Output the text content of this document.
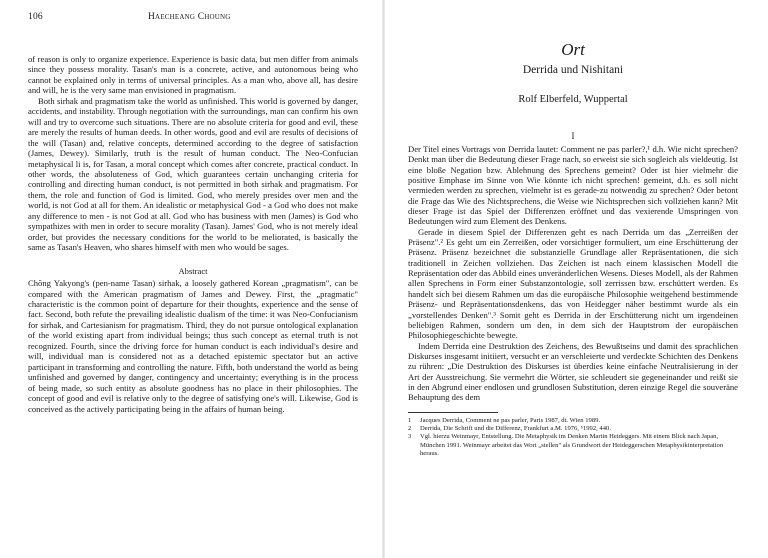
106	Haecheang Choung

of reason is only to organize experience. Experience is basic data, but men differ from animals since they possess morality. Tasan's man is a concrete, active, and autonomous being who cannot be explained only in terms of universal principles. As a man who, above all, has desire and will, he is the very same man envisioned in pragmatism.

Both sirhak and pragmatism take the world as unfinished. This world is governed by danger, accidents, and instability. Through negotiation with the surroundings, man can confirm his own will and try to overcome such situations. There are no absolute criteria for good and evil, these are merely the results of human deeds. In other words, good and evil are results of decisions of the will (Tasan) and, relative concepts, determined according to the degree of satisfaction (James, Dewey). Similarly, truth is the result of human conduct. The Neo-Confucian metaphysical li is, for Tasan, a moral concept which comes after concrete, practical conduct. In other words, the absoluteness of God, which guarantees certain unchanging criteria for controlling and directing human conduct, is not permitted in both sirhak and pragmatism. For them, the role and function of God is limited. God, who merely presides over men and the world, is not God at all for them. An idealistic or metaphysical God - a God who does not make any difference to men - is not God at all. God who has business with men (James) is God who sympathizes with men in order to secure morality (Tasan). James' God, who is not merely ideal order, but provides the necessary conditions for the world to be meliorated, is basically the same as Tasan's Heaven, who shares himself with men who would be sages.

Abstract

Chŏng Yakyong's (pen-name Tasan) sirhak, a loosely gathered Korean „pragmatism", can be compared with the American pragmatism of James and Dewey. First, the „pragmatic" characteristic is the common point of departure for their thoughts, experience and the sense of fact. Second, both refute the prevailing idealistic dualism of the time: it was Neo-Confucianism for sirhak, and Cartesianism for pragmatism. Third, they do not pursue ontological explanation of the world existing apart from individual beings; thus such concept as eternal truth is not recognized. Fourth, since the driving force for human conduct is each individual's desire and will, individual man is considered not as a detached epistemic spectator but an active participant in transforming and controlling the nature. Fifth, both understand the world as being unfinished and governed by danger, contingency and uncertainty; everything is in the process of being made, so such entity as absolute goodness has no place in their philosophies. The concept of good and evil is relative only to the degree of satisfying one's will. Likewise, God is conceived as the actively participating being in the affairs of human being.

Ort
Derrida und Nishitani
Rolf Elberfeld, Wuppertal
I

Der Titel eines Vortrags von Derrida lautet: Comment ne pas parler?,¹ d.h. Wie nicht sprechen? Denkt man über die Bedeutung dieser Frage nach, so erweist sie sich sogleich als vieldeutig. Ist eine bloße Negation bzw. Ablehnung des Sprechens gemeint? Oder ist hier vielmehr die positive Emphase im Sinne von Wie könnte ich nicht sprechen! gemeint, d.h. es soll nicht vermieden werden zu sprechen, vielmehr ist es gerade-zu notwendig zu sprechen? Oder betont die Frage das Wie des Nichtsprechens, die Weise wie Nichtsprechen sich vollziehen kann? Mit dieser Frage ist das Spiel der Differenzen eröffnet und das vexierende Umspringen von Bedeutungen wird zum Element des Denkens.

Gerade in diesem Spiel der Differenzen geht es nach Derrida um das „Zerreißen der Präsenz".² Es geht um ein Zerreißen, oder vorsichtiger formuliert, um eine Erschütterung der Präsenz. Präsenz bezeichnet die substanzielle Grundlage aller Repräsentationen, die sich traditionell in Zeichen vollziehen. Das Zeichen ist nach einem klassischen Modell die Repräsentation oder das Abbild eines unveränderlichen Wesens. Dieses Modell, als der Rahmen allen Sprechens in Form einer Substanzontologie, soll zerrissen bzw. erschüttert werden. Es handelt sich bei diesem Rahmen um das die europäische Philosophie weitgehend bestimmende Präsenz- und Repräsentationsdenkens, das von Heidegger näher bestimmt wurde als ein „vorstellendes Denken".³ Somit geht es Derrida in der Erschütterung nicht um irgendeinen beliebigen Rahmen, sondern um den, in dem sich der Hauptstrom der europäischen Philosophiegeschichte bewegte.

Indem Derrida eine Destruktion des Zeichens, des Bewußtseins und damit des sprachlichen Diskurses insgesamt initiiert, versucht er an verschleierte und verdeckte Schichten des Denkens zu rühren: „Die Destruktion des Diskurses ist überdies keine einfache Neutralisierung in der Art der Ausstreichung. Sie vermehrt die Wörter, sie schleudert sie gegeneinander und reißt sie in den Abgrund einer endlosen und grundlosen Substitution, deren einzige Regel die souveräne Behauptung des dem

1 Jacques Derrida, Comment ne pas parler, Paris 1987, dt. Wien 1989.

2 Derrida, Die Schrift und die Differenz, Frankfurt a.M. 1976, ⁵1992, 440.

3 Vgl. hierzu Weinmayr, Entstellung. Die Metaphysik im Denken Martin Heideggers. Mit einem Blick nach Japan, München 1991. Weinmayr arbeitet das Wort „stellen" als Grundwort der Heideggerschen Metaphysikinterpretation heraus.
